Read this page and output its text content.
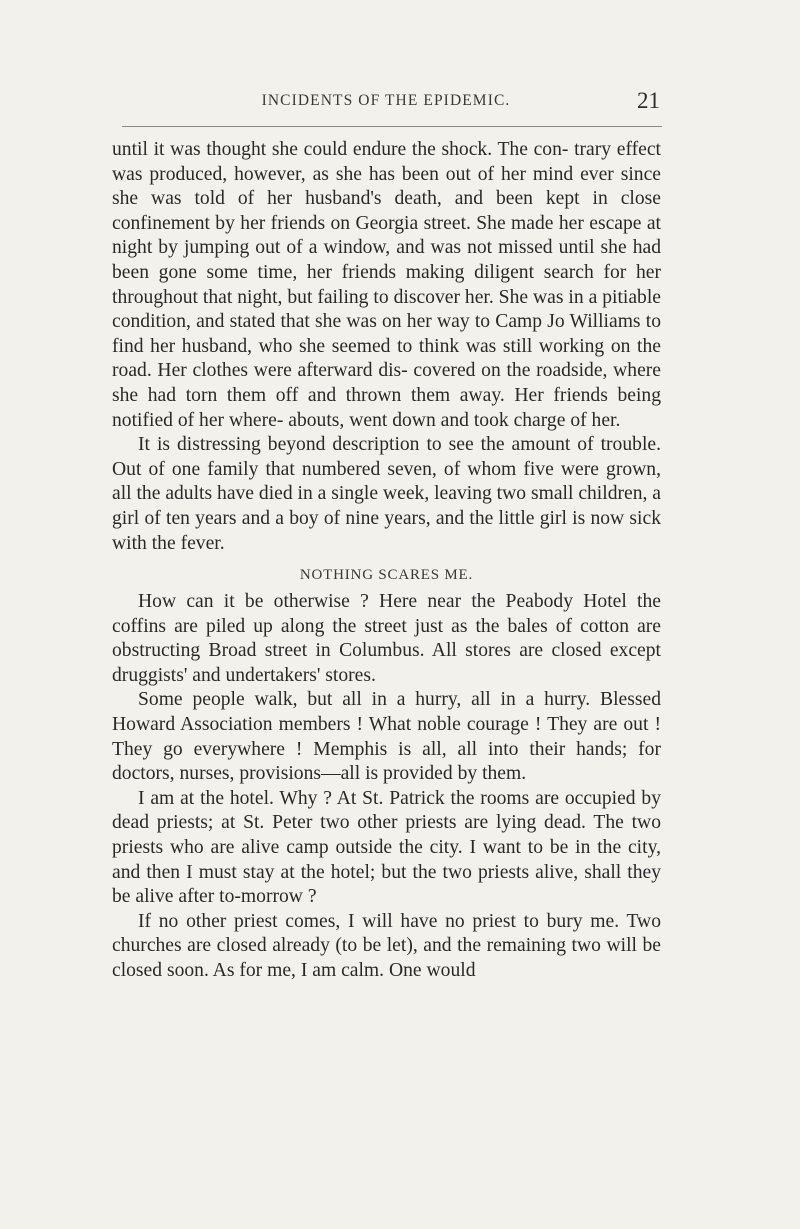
INCIDENTS OF THE EPIDEMIC.	21

until it was thought she could endure the shock. The con- trary effect was produced, however, as she has been out of her mind ever since she was told of her husband's death, and been kept in close confinement by her friends on Georgia street. She made her escape at night by jumping out of a window, and was not missed until she had been gone some time, her friends making diligent search for her throughout that night, but failing to discover her. She was in a pitiable condition, and stated that she was on her way to Camp Jo Williams to find her husband, who she seemed to think was still working on the road. Her clothes were afterward dis- covered on the roadside, where she had torn them off and thrown them away. Her friends being notified of her where- abouts, went down and took charge of her.

It is distressing beyond description to see the amount of trouble. Out of one family that numbered seven, of whom five were grown, all the adults have died in a single week, leaving two small children, a girl of ten years and a boy of nine years, and the little girl is now sick with the fever.

NOTHING SCARES ME.

How can it be otherwise ? Here near the Peabody Hotel the coffins are piled up along the street just as the bales of cotton are obstructing Broad street in Columbus. All stores are closed except druggists' and undertakers' stores.

Some people walk, but all in a hurry, all in a hurry. Blessed Howard Association members ! What noble courage ! They are out ! They go everywhere ! Memphis is all, all into their hands; for doctors, nurses, provisions—all is provided by them.

I am at the hotel. Why ? At St. Patrick the rooms are occupied by dead priests; at St. Peter two other priests are lying dead. The two priests who are alive camp outside the city. I want to be in the city, and then I must stay at the hotel; but the two priests alive, shall they be alive after to-morrow ?

If no other priest comes, I will have no priest to bury me. Two churches are closed already (to be let), and the remaining two will be closed soon. As for me, I am calm. One would
